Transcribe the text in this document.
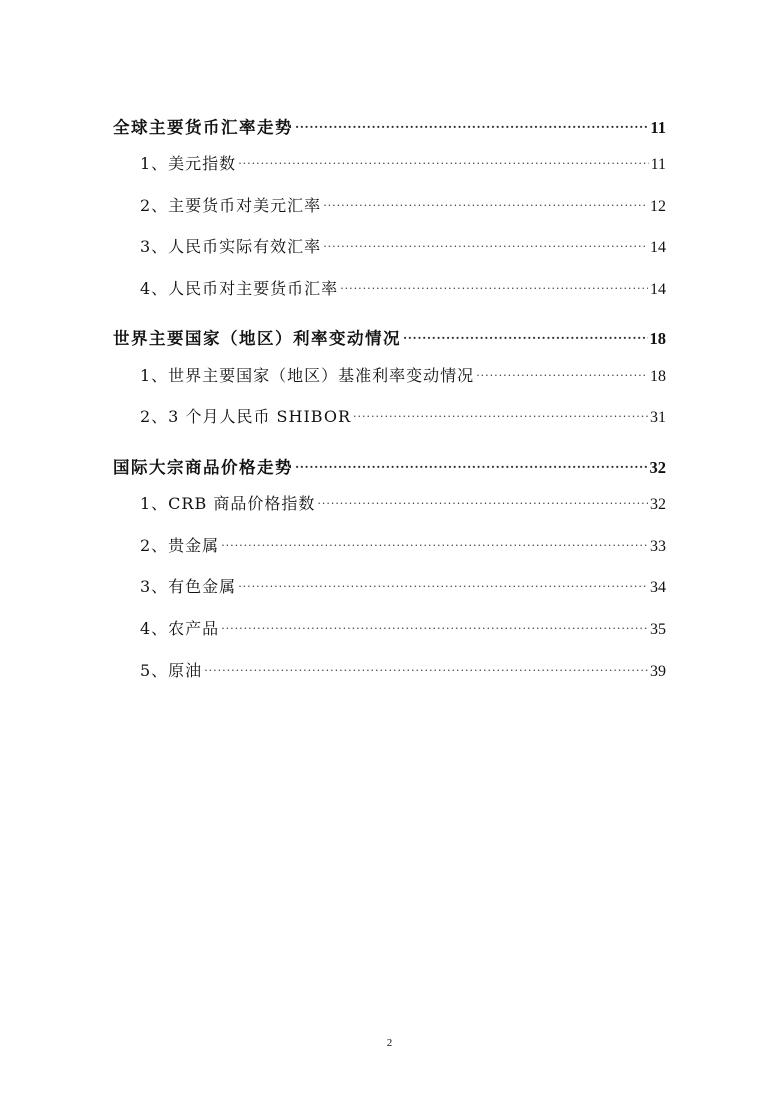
全球主要货币汇率走势 .....	11
1、美元指数 .....	11
2、主要货币对美元汇率 .....	12
3、人民币实际有效汇率 .....	14
4、人民币对主要货币汇率 .....	14
世界主要国家（地区）利率变动情况 .....	18
1、世界主要国家（地区）基准利率变动情况 .....	18
2、3 个月人民币 SHIBOR .....	31
国际大宗商品价格走势 .....	32
1、CRB 商品价格指数 .....	32
2、贵金属 .....	33
3、有色金属 .....	34
4、农产品 .....	35
5、原油 .....	39
2
